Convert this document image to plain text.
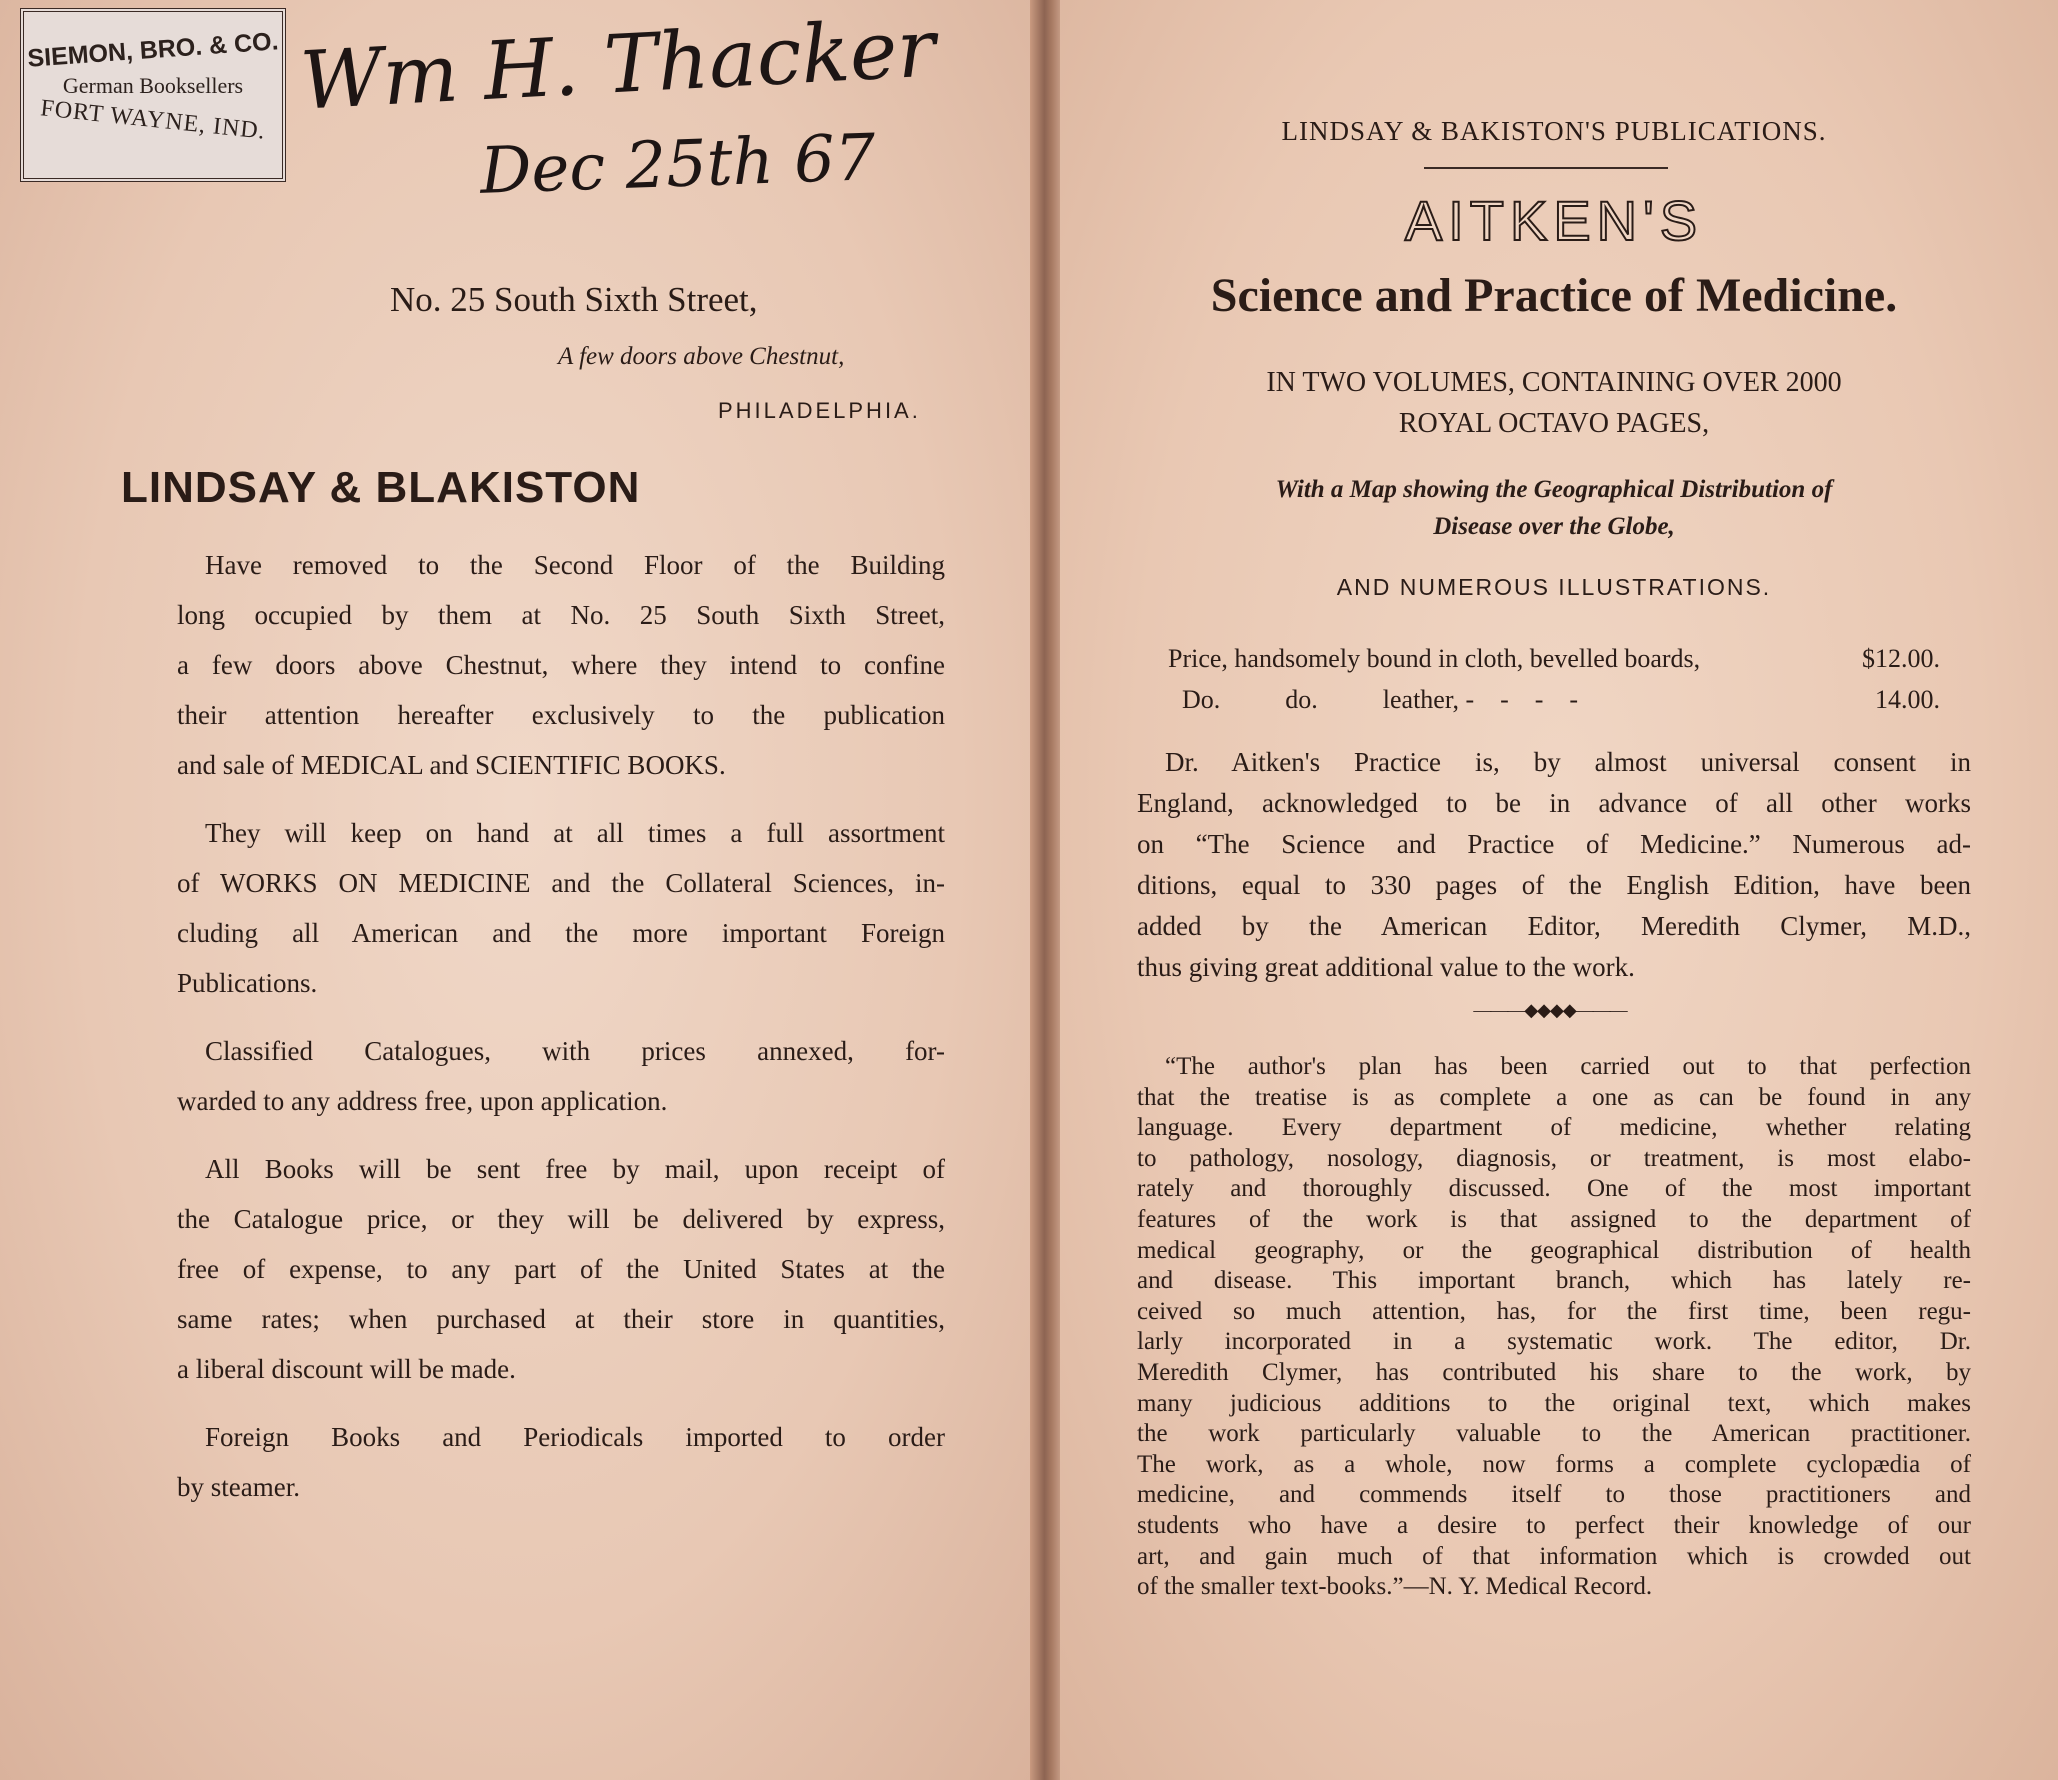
SIEMON, BRO. & CO.
German Booksellers
FORT WAYNE, IND. Wm H. Thacker
Dec 25th 67
No. 25 South Sixth Street,
A few doors above Chestnut,
PHILADELPHIA.
LINDSAY & BLAKISTON
Have removed to the Second Floor of the Building
long occupied by them at No. 25 South Sixth Street,
a few doors above Chestnut, where they intend to confine
their attention hereafter exclusively to the publication
and sale of MEDICAL and SCIENTIFIC BOOKS.
They will keep on hand at all times a full assortment
of WORKS ON MEDICINE and the Collateral Sciences, in-
cluding all American and the more important Foreign
Publications.
Classified Catalogues, with prices annexed, for-
warded to any address free, upon application.
All Books will be sent free by mail, upon receipt of
the Catalogue price, or they will be delivered by express,
free of expense, to any part of the United States at the
same rates; when purchased at their store in quantities,
a liberal discount will be made.
Foreign Books and Periodicals imported to order
by steamer.
LINDSAY & BAKISTON'S PUBLICATIONS.
AITKEN'S
Science and Practice of Medicine.
IN TWO VOLUMES, CONTAINING OVER 2000
ROYAL OCTAVO PAGES,
With a Map showing the Geographical Distribution of
Disease over the Globe,
AND NUMEROUS ILLUSTRATIONS.
Price, handsomely bound in cloth, bevelled boards,	$12.00.
Do.          do.          leather, -    -    -    -	14.00.
Dr. Aitken's Practice is, by almost universal consent in
England, acknowledged to be in advance of all other works
on “The Science and Practice of Medicine.” Numerous ad-
ditions, equal to 330 pages of the English Edition, have been
added by the American Editor, Meredith Clymer, M.D.,
thus giving great additional value to the work.
———◆◆◆◆———
“The author's plan has been carried out to that perfection
that the treatise is as complete a one as can be found in any
language. Every department of medicine, whether relating
to pathology, nosology, diagnosis, or treatment, is most elabo-
rately and thoroughly discussed. One of the most important
features of the work is that assigned to the department of
medical geography, or the geographical distribution of health
and disease. This important branch, which has lately re-
ceived so much attention, has, for the first time, been regu-
larly incorporated in a systematic work. The editor, Dr.
Meredith Clymer, has contributed his share to the work, by
many judicious additions to the original text, which makes
the work particularly valuable to the American practitioner.
The work, as a whole, now forms a complete cyclopædia of
medicine, and commends itself to those practitioners and
students who have a desire to perfect their knowledge of our
art, and gain much of that information which is crowded out
of the smaller text-books.”—N. Y. Medical Record.
